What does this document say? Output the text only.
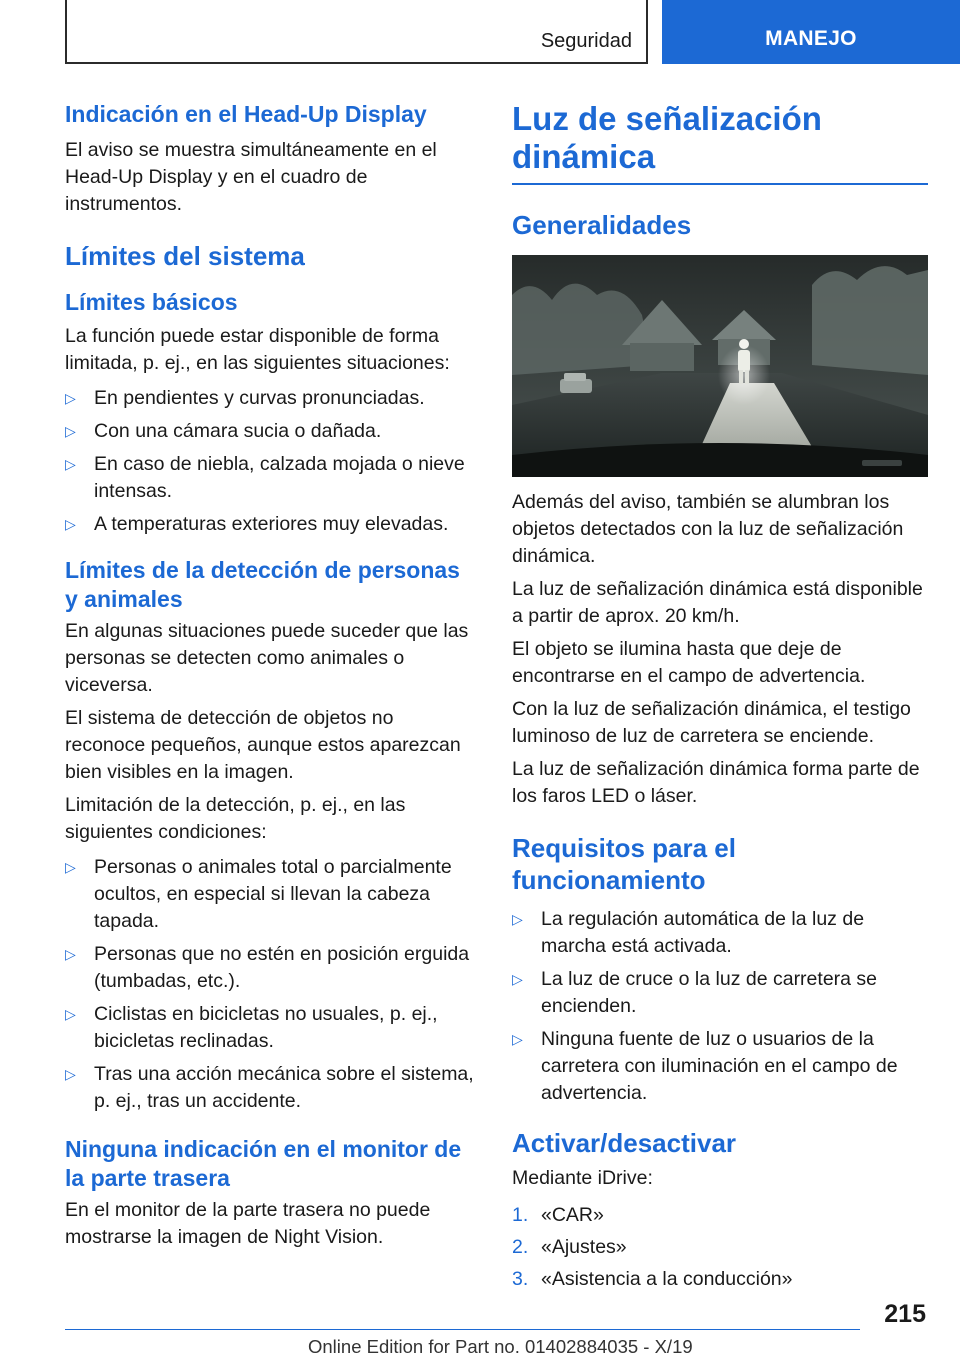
Seguridad	MANEJO
Indicación en el Head-Up Display

El aviso se muestra simultáneamente en el Head-Up Display y en el cuadro de instrumentos.

Límites del sistema
Límites básicos

La función puede estar disponible de forma limitada, p. ej., en las siguientes situaciones:

▷ En pendientes y curvas pronunciadas.
▷ Con una cámara sucia o dañada.
▷ En caso de niebla, calzada mojada o nieve intensas.
▷ A temperaturas exteriores muy elevadas.
Límites de la detección de personas y animales

En algunas situaciones puede suceder que las personas se detecten como animales o viceversa.

El sistema de detección de objetos no reconoce pequeños, aunque estos aparezcan bien visibles en la imagen.

Limitación de la detección, p. ej., en las siguientes condiciones:

▷ Personas o animales total o parcialmente ocultos, en especial si llevan la cabeza tapada.
▷ Personas que no estén en posición erguida (tumbadas, etc.).
▷ Ciclistas en bicicletas no usuales, p. ej., bicicletas reclinadas.
▷ Tras una acción mecánica sobre el sistema, p. ej., tras un accidente.
Ninguna indicación en el monitor de la parte trasera

En el monitor de la parte trasera no puede mostrarse la imagen de Night Vision.

Luz de señalización dinámica
Generalidades

Además del aviso, también se alumbran los objetos detectados con la luz de señalización dinámica.

La luz de señalización dinámica está disponible a partir de aprox. 20 km/h.

El objeto se ilumina hasta que deje de encontrarse en el campo de advertencia.

Con la luz de señalización dinámica, el testigo luminoso de luz de carretera se enciende.

La luz de señalización dinámica forma parte de los faros LED o láser.

Requisitos para el funcionamiento
▷ La regulación automática de la luz de marcha está activada.
▷ La luz de cruce o la luz de carretera se encienden.
▷ Ninguna fuente de luz o usuarios de la carretera con iluminación en el campo de advertencia.
Activar/desactivar

Mediante iDrive:

1. «CAR»
2. «Ajustes»
3. «Asistencia a la conducción»
215
Online Edition for Part no. 01402884035 - X/19
